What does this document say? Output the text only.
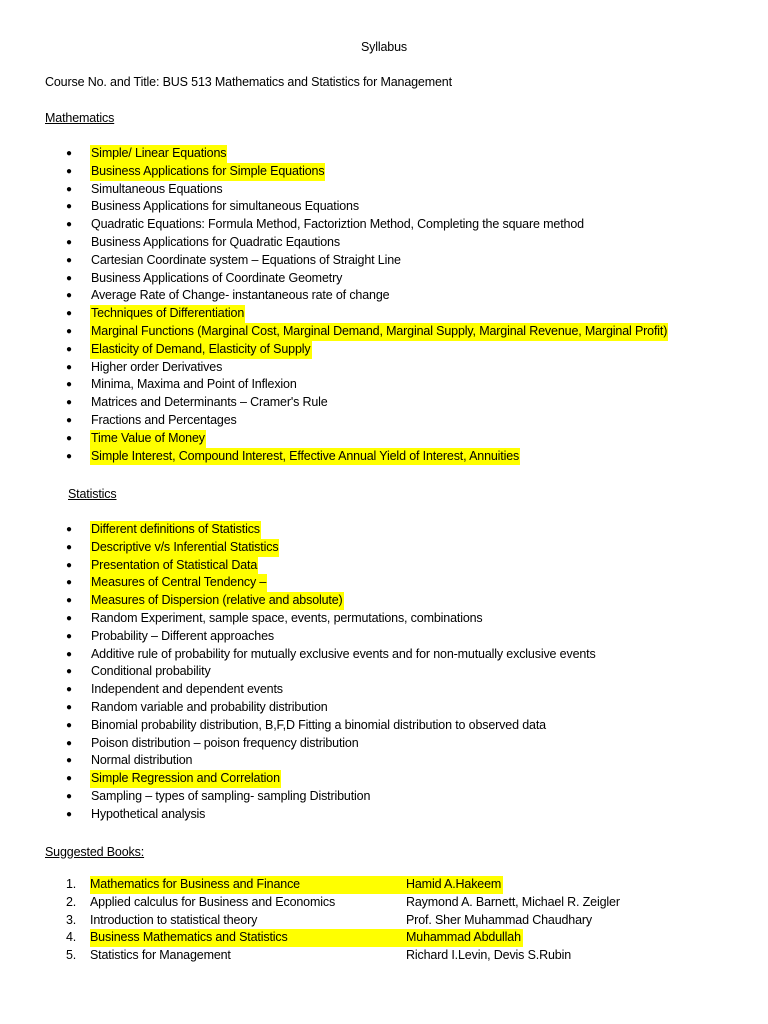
Syllabus
Course No. and Title: BUS 513 Mathematics and Statistics for Management
Mathematics
● Simple/ Linear Equations
● Business Applications for Simple Equations
● Simultaneous Equations
● Business Applications for simultaneous Equations
● Quadratic Equations: Formula Method, Factoriztion Method, Completing the square method
● Business Applications for Quadratic Eqautions
● Cartesian Coordinate system – Equations of Straight Line
● Business Applications of Coordinate Geometry
● Average Rate of Change- instantaneous rate of change
● Techniques of Differentiation
● Marginal Functions (Marginal Cost, Marginal Demand, Marginal Supply, Marginal Revenue, Marginal Profit)
● Elasticity of Demand, Elasticity of Supply
● Higher order Derivatives
● Minima, Maxima and Point of Inflexion
● Matrices and Determinants – Cramer's Rule
● Fractions and Percentages
● Time Value of Money
● Simple Interest, Compound Interest, Effective Annual Yield of Interest, Annuities
Statistics
● Different definitions of Statistics
● Descriptive v/s Inferential Statistics
● Presentation of Statistical Data
● Measures of Central Tendency –
● Measures of Dispersion (relative and absolute)
● Random Experiment, sample space, events, permutations, combinations
● Probability – Different approaches
● Additive rule of probability for mutually exclusive events and for non-mutually exclusive events
● Conditional probability
● Independent and dependent events
● Random variable and probability distribution
● Binomial probability distribution, B,F,D Fitting a binomial distribution to observed data
● Poison distribution – poison frequency distribution
● Normal distribution
● Simple Regression and Correlation
● Sampling – types of sampling- sampling Distribution
● Hypothetical analysis
Suggested Books:
1. Mathematics for Business and Finance	Hamid A.Hakeem
2. Applied calculus for Business and Economics	Raymond A. Barnett, Michael R. Zeigler
3. Introduction to statistical theory	Prof. Sher Muhammad Chaudhary
4. Business Mathematics and Statistics	Muhammad Abdullah
5. Statistics for Management	Richard I.Levin, Devis S.Rubin
